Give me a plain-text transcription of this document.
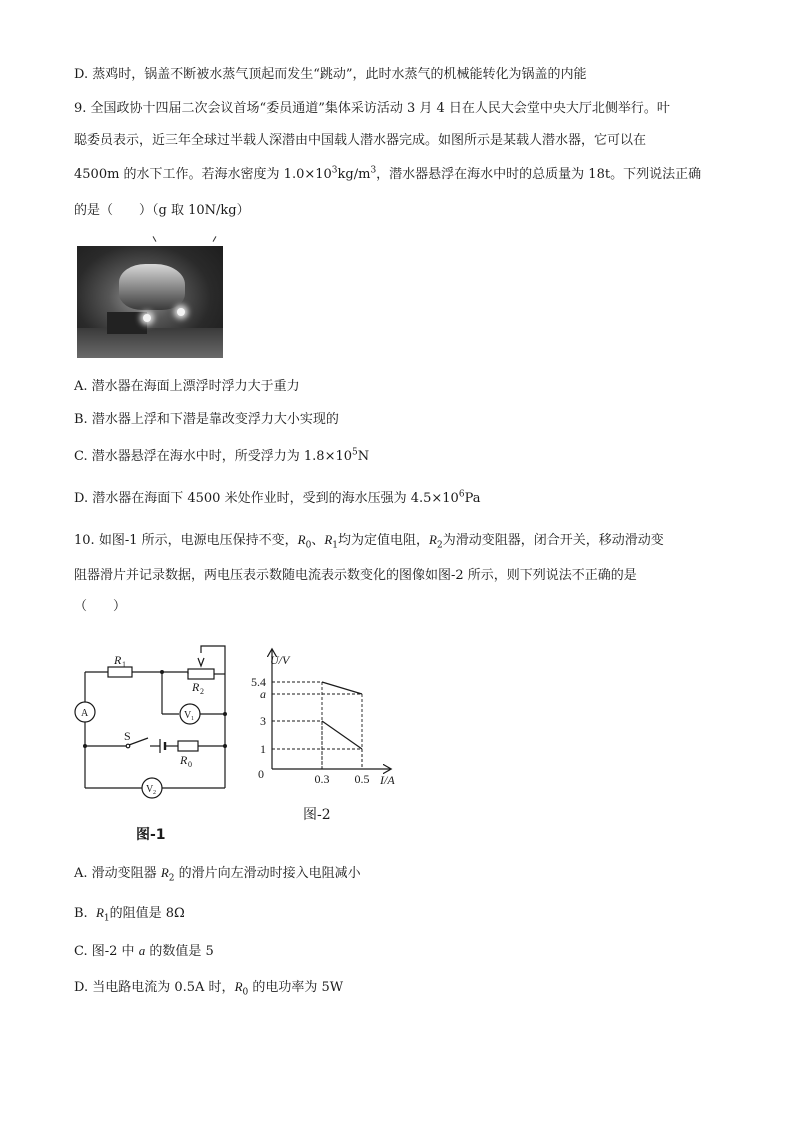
D. 蒸鸡时，锅盖不断被水蒸气顶起而发生“跳动”，此时水蒸气的机械能转化为锅盖的内能
9. 全国政协十四届二次会议首场“委员通道”集体采访活动 3 月 4 日在人民大会堂中央大厅北侧举行。叶
聪委员表示，近三年全球过半载人深潜由中国载人潜水器完成。如图所示是某载人潜水器，它可以在
4500m 的水下工作。若海水密度为 $1.0\times 10^3kg/m^3$，潜水器悬浮在海水中时的总质量为 18t。下列说法正确
的是（　　）（g 取 10N/kg）
A. 潜水器在海面上漂浮时浮力大于重力
B. 潜水器上浮和下潜是靠改变浮力大小实现的
C. 潜水器悬浮在海水中时，所受浮力为 $1.8\times 10^5N$
D. 潜水器在海面下 4500 米处作业时，受到的海水压强为 $4.5\times 10^6Pa$
10. 如图-1 所示，电源电压保持不变，$R_0$、$R_1$均为定值电阻，$R_2$为滑动变阻器，闭合开关，移动滑动变
阻器滑片并记录数据，两电压表示数随电流表示数变化的图像如图-2 所示，则下列说法不正确的是
（　　）
R 1
R 2
R 0
A	V 1
V 2
S
图-1
U/V
I/A
0
5.4
a
3
1
0.3 0.5
图-2
A. 滑动变阻器 $R_2$ 的滑片向左滑动时接入电阻减小
B. $R_1$的阻值是 8Ω
C. 图-2 中 a 的数值是 5
D. 当电路电流为 0.5A 时，$R_0$ 的电功率为 5W
